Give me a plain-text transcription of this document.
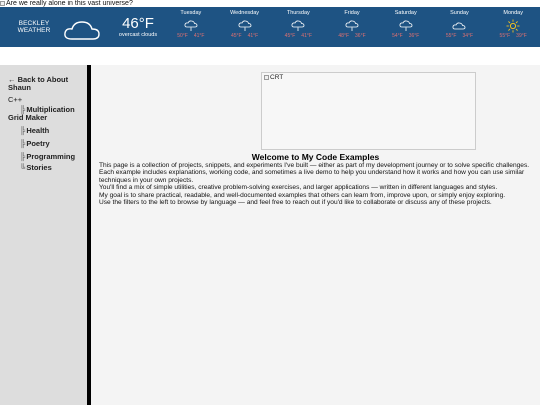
Are we really alone in this vast universe?
BECKLEY WEATHER	46°F
overcast clouds
Tuesday
50°F 41°F
Wednesday
45°F 41°F
Thursday
45°F 41°F
Friday
48°F 36°F
Saturday
54°F 36°F
Sunday
55°F 34°F
Monday
55°F 39°F
← Back to About Shaun
C++
╠Multiplication Grid Maker
╠Health
╠Poetry
╠Programming
╚Stories
CRT
Welcome to My Code Examples

This page is a collection of projects, snippets, and experiments I've built — either as part of my development journey or to solve specific challenges.

Each example includes explanations, working code, and sometimes a live demo to help you understand how it works and how you can use similar techniques in your own projects.

You'll find a mix of simple utilities, creative problem-solving exercises, and larger applications — written in different languages and styles.

My goal is to share practical, readable, and well-documented examples that others can learn from, improve upon, or simply enjoy exploring.

Use the filters to the left to browse by language — and feel free to reach out if you'd like to collaborate or discuss any of these projects.
